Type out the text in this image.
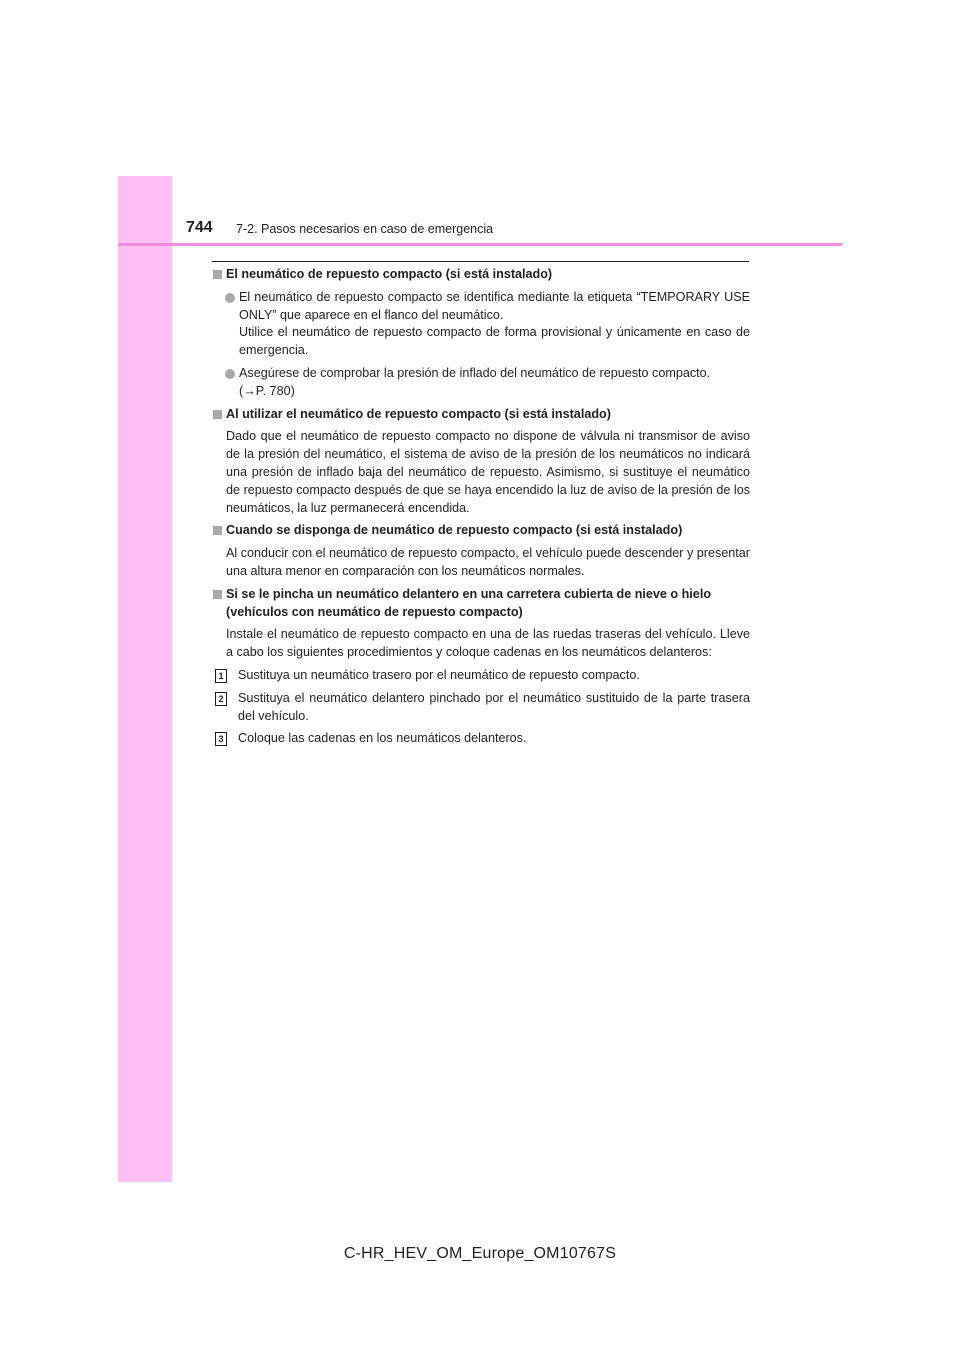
744 7-2. Pasos necesarios en caso de emergencia
El neumático de repuesto compacto (si está instalado)
El neumático de repuesto compacto se identifica mediante la etiqueta “TEMPORARY USE ONLY” que aparece en el flanco del neumático.
Utilice el neumático de repuesto compacto de forma provisional y únicamente en caso de emergencia.
Asegúrese de comprobar la presión de inflado del neumático de repuesto compacto.
(→P. 780)
Al utilizar el neumático de repuesto compacto (si está instalado)
Dado que el neumático de repuesto compacto no dispone de válvula ni transmisor de aviso de la presión del neumático, el sistema de aviso de la presión de los neumáticos no indicará una presión de inflado baja del neumático de repuesto. Asimismo, si sustituye el neumático de repuesto compacto después de que se haya encendido la luz de aviso de la presión de los neumáticos, la luz permanecerá encendida.
Cuando se disponga de neumático de repuesto compacto (si está instalado)
Al conducir con el neumático de repuesto compacto, el vehículo puede descender y presentar una altura menor en comparación con los neumáticos normales.
Si se le pincha un neumático delantero en una carretera cubierta de nieve o hielo (vehículos con neumático de repuesto compacto)
Instale el neumático de repuesto compacto en una de las ruedas traseras del vehículo. Lleve a cabo los siguientes procedimientos y coloque cadenas en los neumáticos delanteros:
1 Sustituya un neumático trasero por el neumático de repuesto compacto.
2 Sustituya el neumático delantero pinchado por el neumático sustituido de la parte trasera del vehículo.
3 Coloque las cadenas en los neumáticos delanteros.
C-HR_HEV_OM_Europe_OM10767S
